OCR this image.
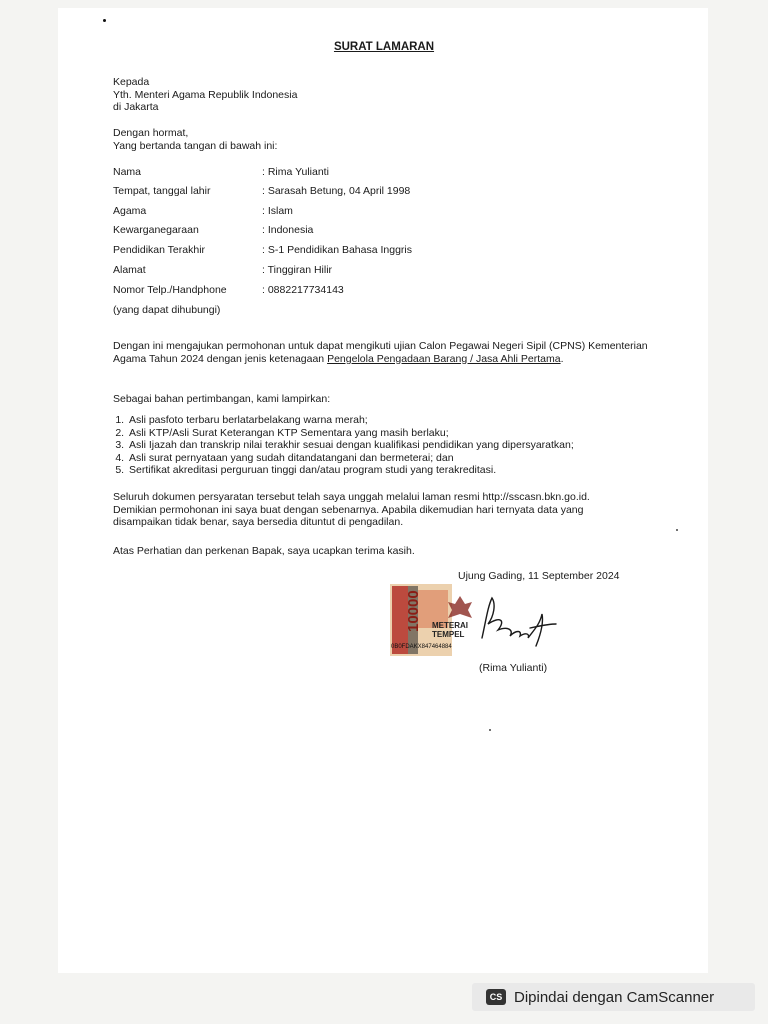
SURAT LAMARAN
Kepada
Yth. Menteri Agama Republik Indonesia
di Jakarta
Dengan hormat,
Yang bertanda tangan di bawah ini:
Nama	: Rima Yulianti
Tempat, tanggal lahir	: Sarasah Betung, 04 April 1998
Agama	: Islam
Kewarganegaraan	: Indonesia
Pendidikan Terakhir	: S-1 Pendidikan Bahasa Inggris
Alamat	: Tinggiran Hilir
Nomor Telp./Handphone	: 0882217734143
(yang dapat dihubungi)
Dengan ini mengajukan permohonan untuk dapat mengikuti ujian Calon Pegawai Negeri Sipil (CPNS) Kementerian Agama Tahun 2024 dengan jenis ketenagaan Pengelola Pengadaan Barang / Jasa Ahli Pertama.
Sebagai bahan pertimbangan, kami lampirkan:
1. Asli pasfoto terbaru berlatarbelakang warna merah;
2. Asli KTP/Asli Surat Keterangan KTP Sementara yang masih berlaku;
3. Asli Ijazah dan transkrip nilai terakhir sesuai dengan kualifikasi pendidikan yang dipersyaratkan;
4. Asli surat pernyataan yang sudah ditandatangani dan bermeterai; dan
5. Sertifikat akreditasi perguruan tinggi dan/atau program studi yang terakreditasi.
Seluruh dokumen persyaratan tersebut telah saya unggah melalui laman resmi http://sscasn.bkn.go.id.
Demikian permohonan ini saya buat dengan sebenarnya. Apabila dikemudian hari ternyata data yang
disampaikan tidak benar, saya bersedia dituntut di pengadilan.
Atas Perhatian dan perkenan Bapak, saya ucapkan terima kasih.
Ujung Gading, 11 September 2024
10000 METERAI
TEMPEL
0B0FDAKX847464884
(Rima Yulianti)
CS Dipindai dengan CamScanner
